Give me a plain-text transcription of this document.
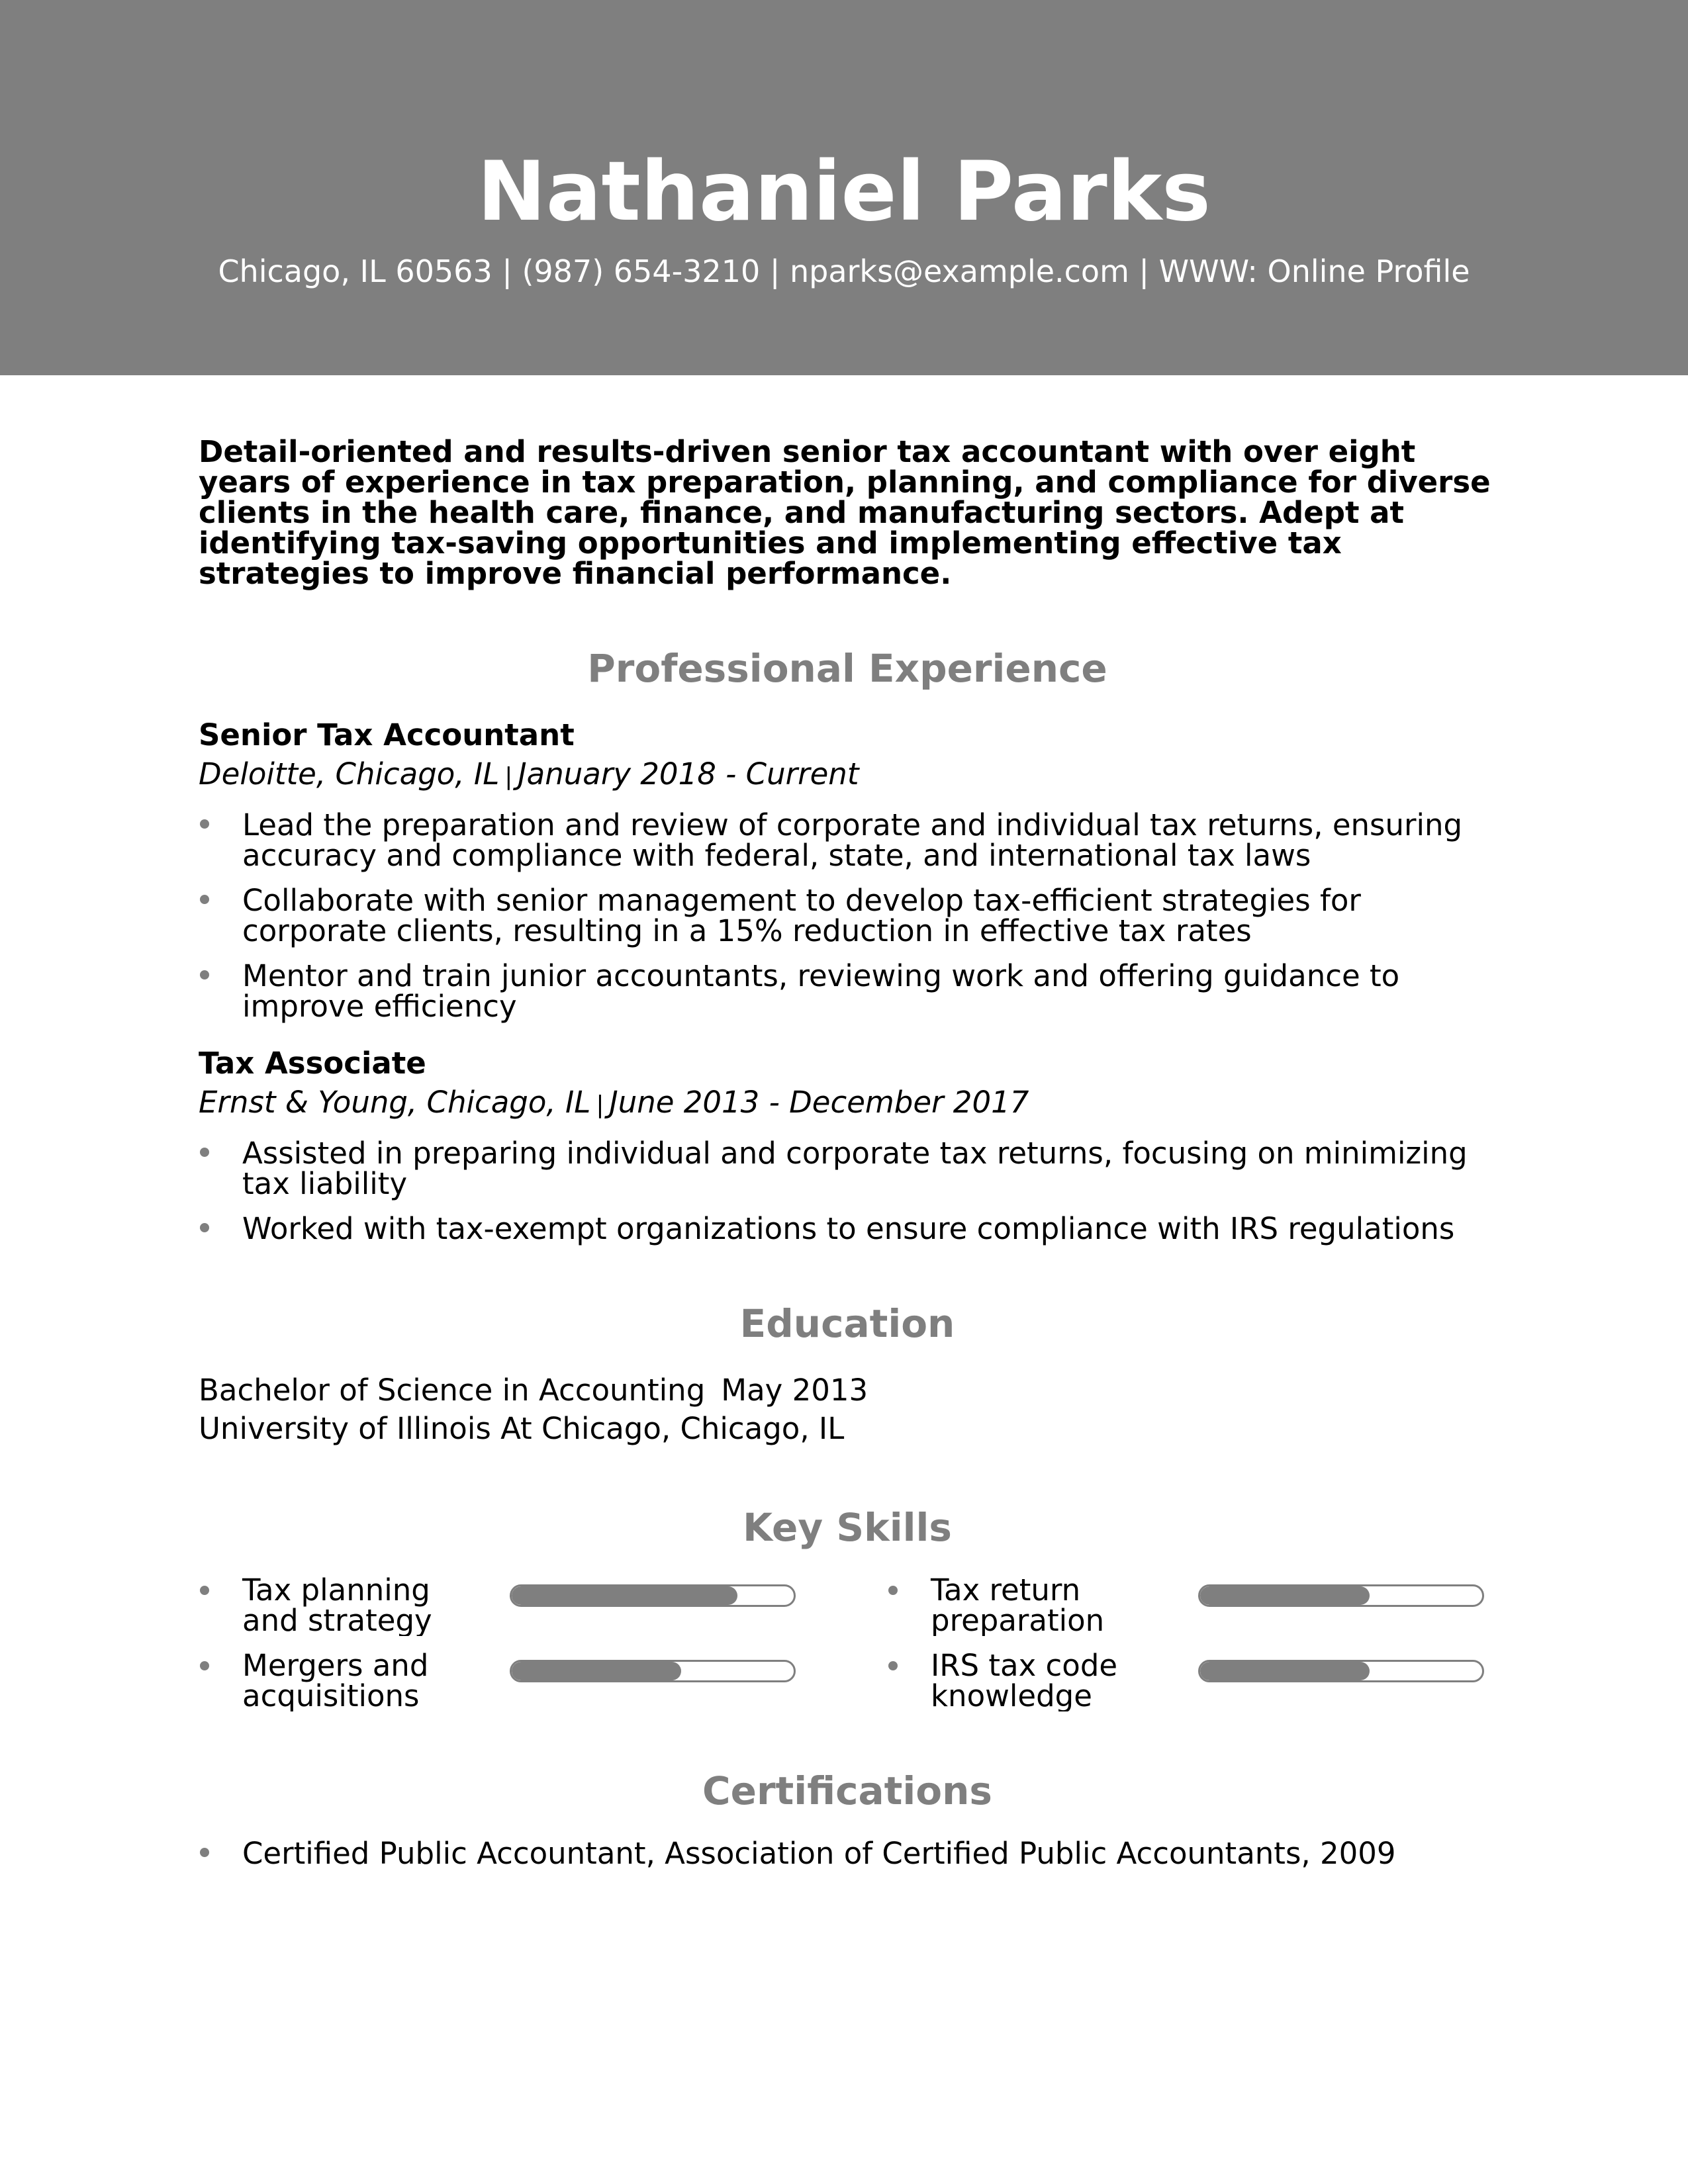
Nathaniel Parks
Chicago, IL 60563 | (987) 654-3210 | nparks@example.com | WWW: Online Profile

Detail-oriented and results-driven senior tax accountant with over eight years of experience in tax preparation, planning, and compliance for diverse clients in the health care, finance, and manufacturing sectors. Adept at identifying tax-saving opportunities and implementing effective tax strategies to improve financial performance.

Professional Experience
Senior Tax Accountant
Deloitte, Chicago, IL | January 2018 - Current
Lead the preparation and review of corporate and individual tax returns, ensuring accuracy and compliance with federal, state, and international tax laws
Collaborate with senior management to develop tax-efficient strategies for corporate clients, resulting in a 15% reduction in effective tax rates
Mentor and train junior accountants, reviewing work and offering guidance to improve efficiency
Tax Associate
Ernst & Young, Chicago, IL | June 2013 - December 2017
Assisted in preparing individual and corporate tax returns, focusing on minimizing tax liability
Worked with tax-exempt organizations to ensure compliance with IRS regulations
Education
Bachelor of Science in Accounting May 2013
University of Illinois At Chicago, Chicago, IL
Key Skills
Tax planning and strategy
Tax return preparation
Mergers and acquisitions
IRS tax code knowledge
Certifications
Certified Public Accountant, Association of Certified Public Accountants, 2009
